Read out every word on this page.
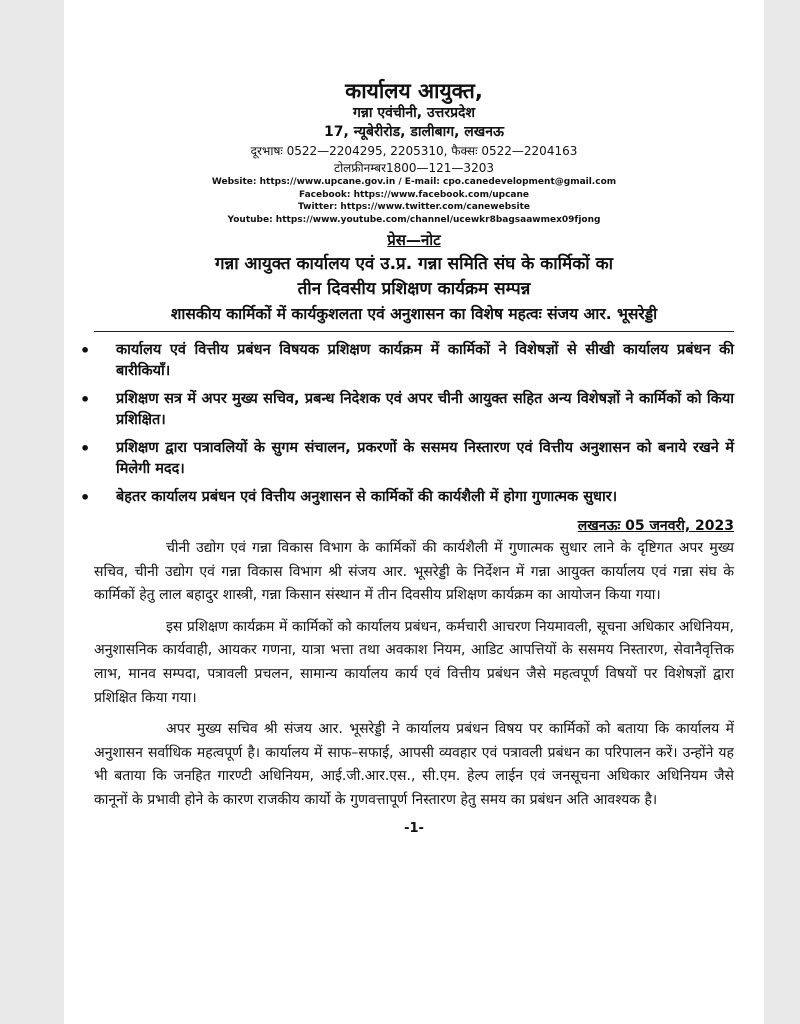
कार्यालय आयुक्त,
गन्ना एवंचीनी, उत्तरप्रदेश
17, न्यूबेरीरोड, डालीबाग, लखनऊ
दूरभाषः 0522—2204295, 2205310, फैक्सः 0522—2204163
टोलफ्रीनम्बर1800—121—3203
Website: https://www.upcane.gov.in / E-mail: cpo.canedevelopment@gmail.com
Facebook: https://www.facebook.com/upcane
Twitter: https://www.twitter.com/canewebsite
Youtube: https://www.youtube.com/channel/ucewkr8bagsaawmex09fjong
प्रेस—नोट
गन्ना आयुक्त कार्यालय एवं उ.प्र. गन्ना समिति संघ के कार्मिकों का
तीन दिवसीय प्रशिक्षण कार्यक्रम सम्पन्न
शासकीय कार्मिकों में कार्यकुशलता एवं अनुशासन का विशेष महत्वः संजय आर. भूसरेड्डी
• कार्यालय एवं वित्तीय प्रबंधन विषयक प्रशिक्षण कार्यक्रम में कार्मिकों ने विशेषज्ञों से सीखी कार्यालय प्रबंधन की बारीकियाँ।
• प्रशिक्षण सत्र में अपर मुख्य सचिव, प्रबन्ध निदेशक एवं अपर चीनी आयुक्त सहित अन्य विशेषज्ञों ने कार्मिकों को किया प्रशिक्षित।
• प्रशिक्षण द्वारा पत्रावलियों के सुगम संचालन, प्रकरणों के ससमय निस्तारण एवं वित्तीय अनुशासन को बनाये रखने में मिलेगी मदद।
• बेहतर कार्यालय प्रबंधन एवं वित्तीय अनुशासन से कार्मिकों की कार्यशैली में होगा गुणात्मक सुधार।
लखनऊः 05 जनवरी, 2023

चीनी उद्योग एवं गन्ना विकास विभाग के कार्मिकों की कार्यशैली में गुणात्मक सुधार लाने के दृष्टिगत अपर मुख्य सचिव, चीनी उद्योग एवं गन्ना विकास विभाग श्री संजय आर. भूसरेड्डी के निर्देशन में गन्ना आयुक्त कार्यालय एवं गन्ना संघ के कार्मिकों हेतु लाल बहादुर शास्त्री, गन्ना किसान संस्थान में तीन दिवसीय प्रशिक्षण कार्यक्रम का आयोजन किया गया।

इस प्रशिक्षण कार्यक्रम में कार्मिकों को कार्यालय प्रबंधन, कर्मचारी आचरण नियमावली, सूचना अधिकार अधिनियम, अनुशासनिक कार्यवाही, आयकर गणना, यात्रा भत्ता तथा अवकाश नियम, आडिट आपत्तियों के ससमय निस्तारण, सेवानैवृत्तिक लाभ, मानव सम्पदा, पत्रावली प्रचलन, सामान्य कार्यालय कार्य एवं वित्तीय प्रबंधन जैसे महत्वपूर्ण विषयों पर विशेषज्ञों द्वारा प्रशिक्षित किया गया।

अपर मुख्य सचिव श्री संजय आर. भूसरेड्डी ने कार्यालय प्रबंधन विषय पर कार्मिकों को बताया कि कार्यालय में अनुशासन सर्वाधिक महत्वपूर्ण है। कार्यालय में साफ–सफाई, आपसी व्यवहार एवं पत्रावली प्रबंधन का परिपालन करें। उन्होंने यह भी बताया कि जनहित गारण्टी अधिनियम, आई.जी.आर.एस., सी.एम. हेल्प लाईन एवं जनसूचना अधिकार अधिनियम जैसे कानूनों के प्रभावी होने के कारण राजकीय कार्यो के गुणवत्तापूर्ण निस्तारण हेतु समय का प्रबंधन अति आवश्यक है।

-1-
